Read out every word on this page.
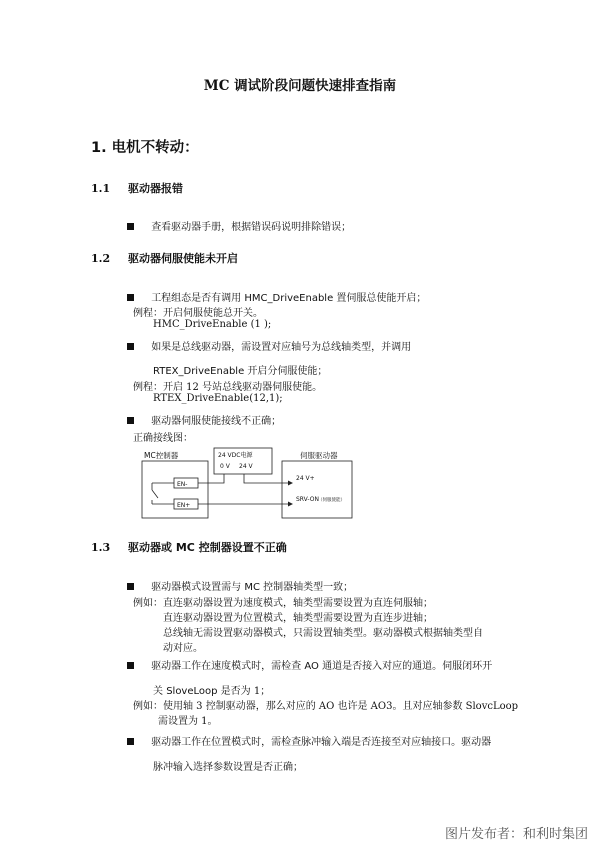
MC 调试阶段问题快速排查指南
1. 电机不转动：
1.1 驱动器报错
查看驱动器手册，根据错误码说明排除错误；
1.2 驱动器伺服使能未开启
工程组态是否有调用 HMC_DriveEnable 置伺服总使能开启；
例程：开启伺服使能总开关。
HMC_DriveEnable (1 );
如果是总线驱动器，需设置对应轴号为总线轴类型，并调用
RTEX_DriveEnable 开启分伺服使能；
例程：开启 12 号站总线驱动器伺服使能。
RTEX_DriveEnable(12,1);
驱动器伺服使能接线不正确；
正确接线图：
MC控制器	24 VDC电源
0 V 24 V
伺服驱动器
EN-
EN+
24 V+
SRV-ON （伺服使能）
1.3 驱动器或 MC 控制器设置不正确
驱动器模式设置需与 MC 控制器轴类型一致；
例如：直连驱动器设置为速度模式，轴类型需要设置为直连伺服轴；
直连驱动器设置为位置模式，轴类型需要设置为直连步进轴；
总线轴无需设置驱动器模式，只需设置轴类型。驱动器模式根据轴类型自
动对应。
驱动器工作在速度模式时，需检查 AO 通道是否接入对应的通道。伺服闭环开
关 SloveLoop 是否为 1；
例如：使用轴 3 控制驱动器，那么对应的 AO 也许是 AO3。且对应轴参数 SlovcLoop
需设置为 1。
驱动器工作在位置模式时，需检查脉冲输入端是否连接至对应轴接口。驱动器
脉冲输入选择参数设置是否正确；
图片发布者：和利时集团
